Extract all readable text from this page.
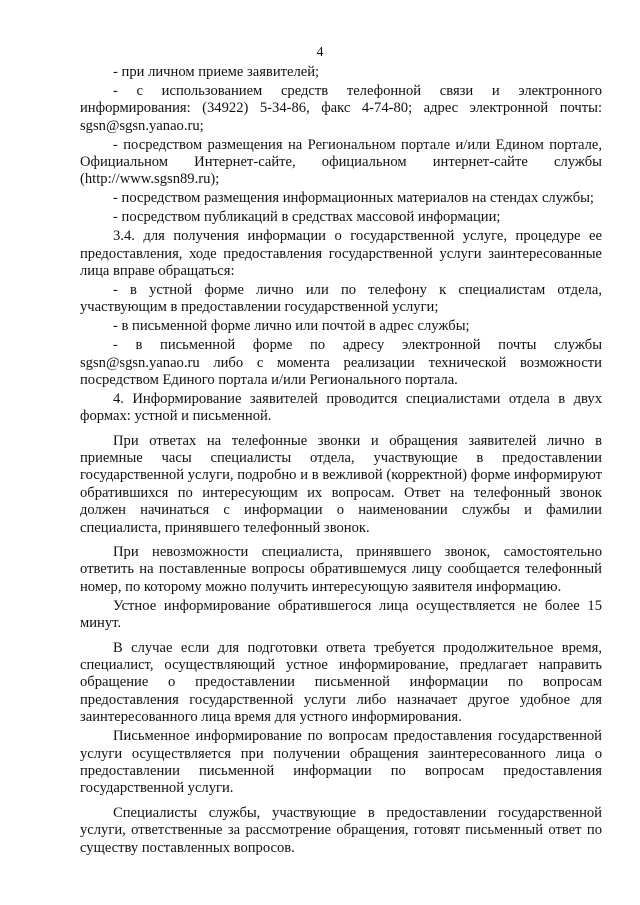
4

- при личном приеме заявителей;

- с использованием средств телефонной связи и электронного информирования: (34922) 5-34-86, факс 4-74-80; адрес электронной почты: sgsn@sgsn.yanao.ru;

- посредством размещения на Региональном портале и/или Едином портале, Официальном Интернет-сайте, официальном интернет-сайте службы (http://www.sgsn89.ru);

- посредством размещения информационных материалов на стендах службы;

- посредством публикаций в средствах массовой информации;

3.4. для получения информации о государственной услуге, процедуре ее предоставления, ходе предоставления государственной услуги заинтересованные лица вправе обращаться:

- в устной форме лично или по телефону к специалистам отдела, участвующим в предоставлении государственной услуги;

- в письменной форме лично или почтой в адрес службы;

- в письменной форме по адресу электронной почты службы sgsn@sgsn.yanao.ru либо с момента реализации технической возможности посредством Единого портала и/или Регионального портала.

4. Информирование заявителей проводится специалистами отдела в двух формах: устной и письменной.

При ответах на телефонные звонки и обращения заявителей лично в приемные часы специалисты отдела, участвующие в предоставлении государственной услуги, подробно и в вежливой (корректной) форме информируют обратившихся по интересующим их вопросам. Ответ на телефонный звонок должен начинаться с информации о наименовании службы и фамилии специалиста, принявшего телефонный звонок.

При невозможности специалиста, принявшего звонок, самостоятельно ответить на поставленные вопросы обратившемуся лицу сообщается телефонный номер, по которому можно получить интересующую заявителя информацию.

Устное информирование обратившегося лица осуществляется не более 15 минут.

В случае если для подготовки ответа требуется продолжительное время, специалист, осуществляющий устное информирование, предлагает направить обращение о предоставлении письменной информации по вопросам предоставления государственной услуги либо назначает другое удобное для заинтересованного лица время для устного информирования.

Письменное информирование по вопросам предоставления государственной услуги осуществляется при получении обращения заинтересованного лица о предоставлении письменной информации по вопросам предоставления государственной услуги.

Специалисты службы, участвующие в предоставлении государственной услуги, ответственные за рассмотрение обращения, готовят письменный ответ по существу поставленных вопросов.
